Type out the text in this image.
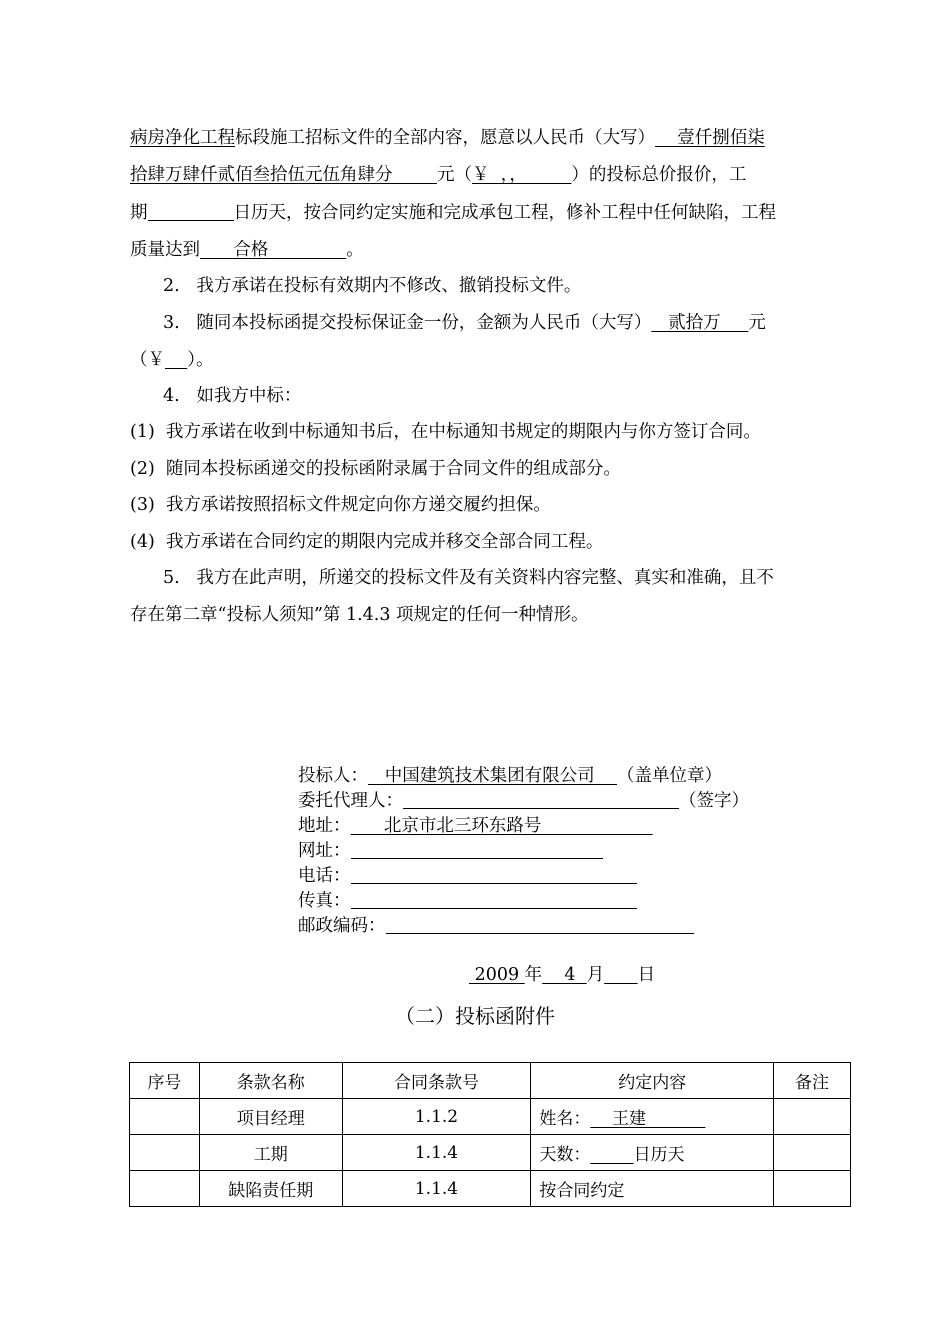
病房净化工程标段施工招标文件的全部内容，愿意以人民币（大写）    壹仟捌佰柒
拾肆万肆仟贰佰叁拾伍元伍角肆分        元（￥  ，，        ）的投标总价报价，工
期	日历天，按合同约定实施和完成承包工程，修补工程中任何缺陷，工程
质量达到      合格              。
2.   我方承诺在投标有效期内不修改、撤销投标文件。
3.   随同本投标函提交投标保证金一份，金额为人民币（大写）   贰拾万     元
（￥ ）。
4.   如我方中标：
(1)  我方承诺在收到中标通知书后，在中标通知书规定的期限内与你方签订合同。
(2)  随同本投标函递交的投标函附录属于合同文件的组成部分。
(3)  我方承诺按照招标文件规定向你方递交履约担保。
(4)  我方承诺在合同约定的期限内完成并移交全部合同工程。
5.   我方在此声明，所递交的投标文件及有关资料内容完整、真实和准确，且不
存在第二章“投标人须知”第 1.4.3 项规定的任何一种情形。
投标人：   中国建筑技术集团有限公司    （盖单位章）
委托代理人：	（签字）
地址：      北京市北三环东路号
网址：
电话：
传真：
邮政编码：
2009 年    4  月 日
（二）投标函附件
序号	条款名称	合同条款号	约定内容	备注
	项目经理	1.1.2	姓名：    王建	
	工期	1.1.4	天数： 日历天	
	缺陷责任期	1.1.4	按合同约定	
